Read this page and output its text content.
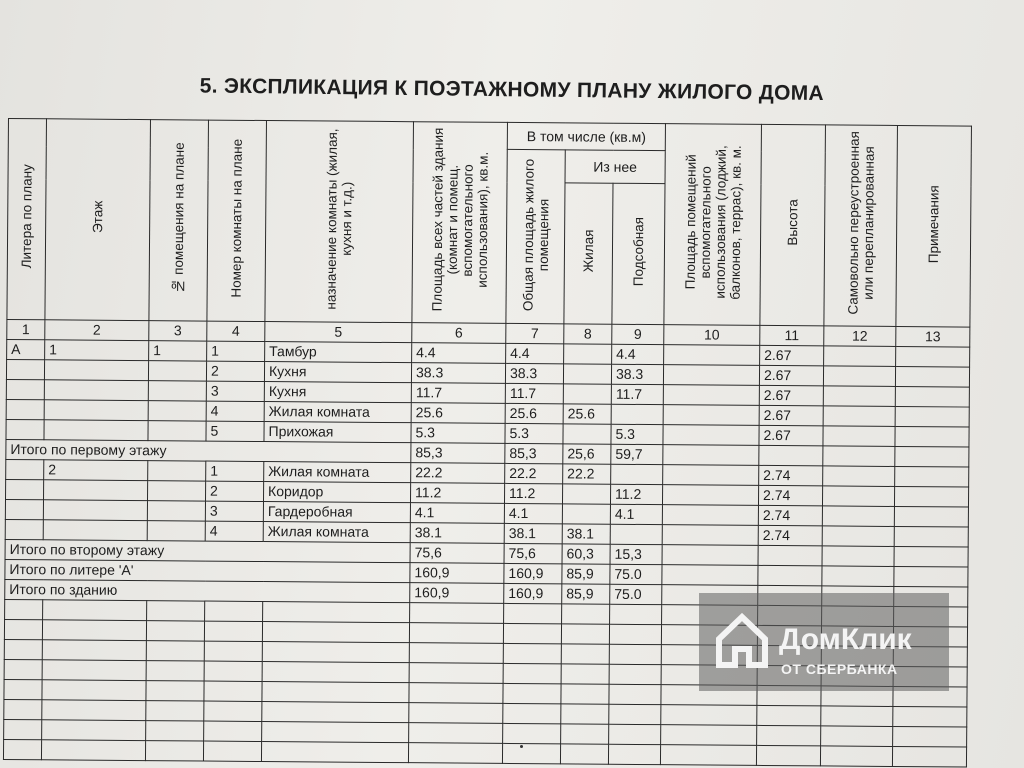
5. ЭКСПЛИКАЦИЯ К ПОЭТАЖНОМУ ПЛАНУ ЖИЛОГО ДОМА
Литера по плану	Этаж	№ помещения на плане	Номер комнаты на плане	назначение комнаты (жилая, кухня и т.д.)	Площадь всех частей здания (комнат и помещ. вспомогательного использования), кв.м.	В том числе (кв.м)			Площадь помещений вспомогательного использования (лоджий, балконов, террас), кв. м.	Высота	Самовольно переустроенная или перепланированная	Примечания
						Общая площадь жилого помещения	Из нее					
							Жилая	Подсобная				
1	2	3	4	5	6	7	8	9	10	11	12	13
А	1	1	1	Тамбур	4.4	4.4		4.4		2.67		
			2	Кухня	38.3	38.3		38.3		2.67		
			3	Кухня	11.7	11.7		11.7		2.67		
			4	Жилая комната	25.6	25.6	25.6			2.67		
			5	Прихожая	5.3	5.3		5.3		2.67		
Итого по первому этажу					85,3	85,3	25,6	59,7				
	2		1	Жилая комната	22.2	22.2	22.2			2.74		
			2	Коридор	11.2	11.2		11.2		2.74		
			3	Гардеробная	4.1	4.1		4.1		2.74		
			4	Жилая комната	38.1	38.1	38.1			2.74		
Итого по второму этажу					75,6	75,6	60,3	15,3				
Итого по литере 'А'					160,9	160,9	85,9	75.0				
Итого по зданию					160,9	160,9	85,9	75.0				

ДомКлик
ОТ СБЕРБАНКА
